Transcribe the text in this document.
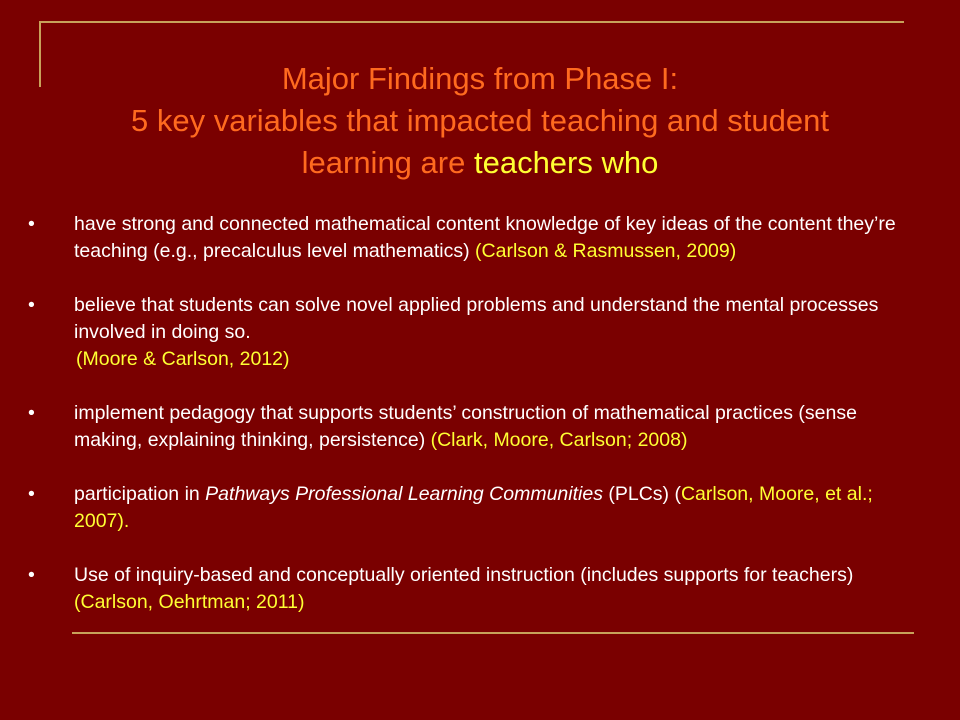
Major Findings from Phase I:
5 key variables that impacted teaching and student
learning are teachers who
• have strong and connected mathematical content knowledge of key ideas of the content they’re teaching (e.g., precalculus level mathematics) (Carlson & Rasmussen, 2009)
• believe that students can solve novel applied problems and understand the mental processes involved in doing so.
(Moore & Carlson, 2012)
• implement pedagogy that supports students’ construction of mathematical practices (sense making, explaining thinking, persistence) (Clark, Moore, Carlson; 2008)
• participation in Pathways Professional Learning Communities (PLCs) (Carlson, Moore, et al.; 2007).
• Use of inquiry-based and conceptually oriented instruction (includes supports for teachers) (Carlson, Oehrtman; 2011)
